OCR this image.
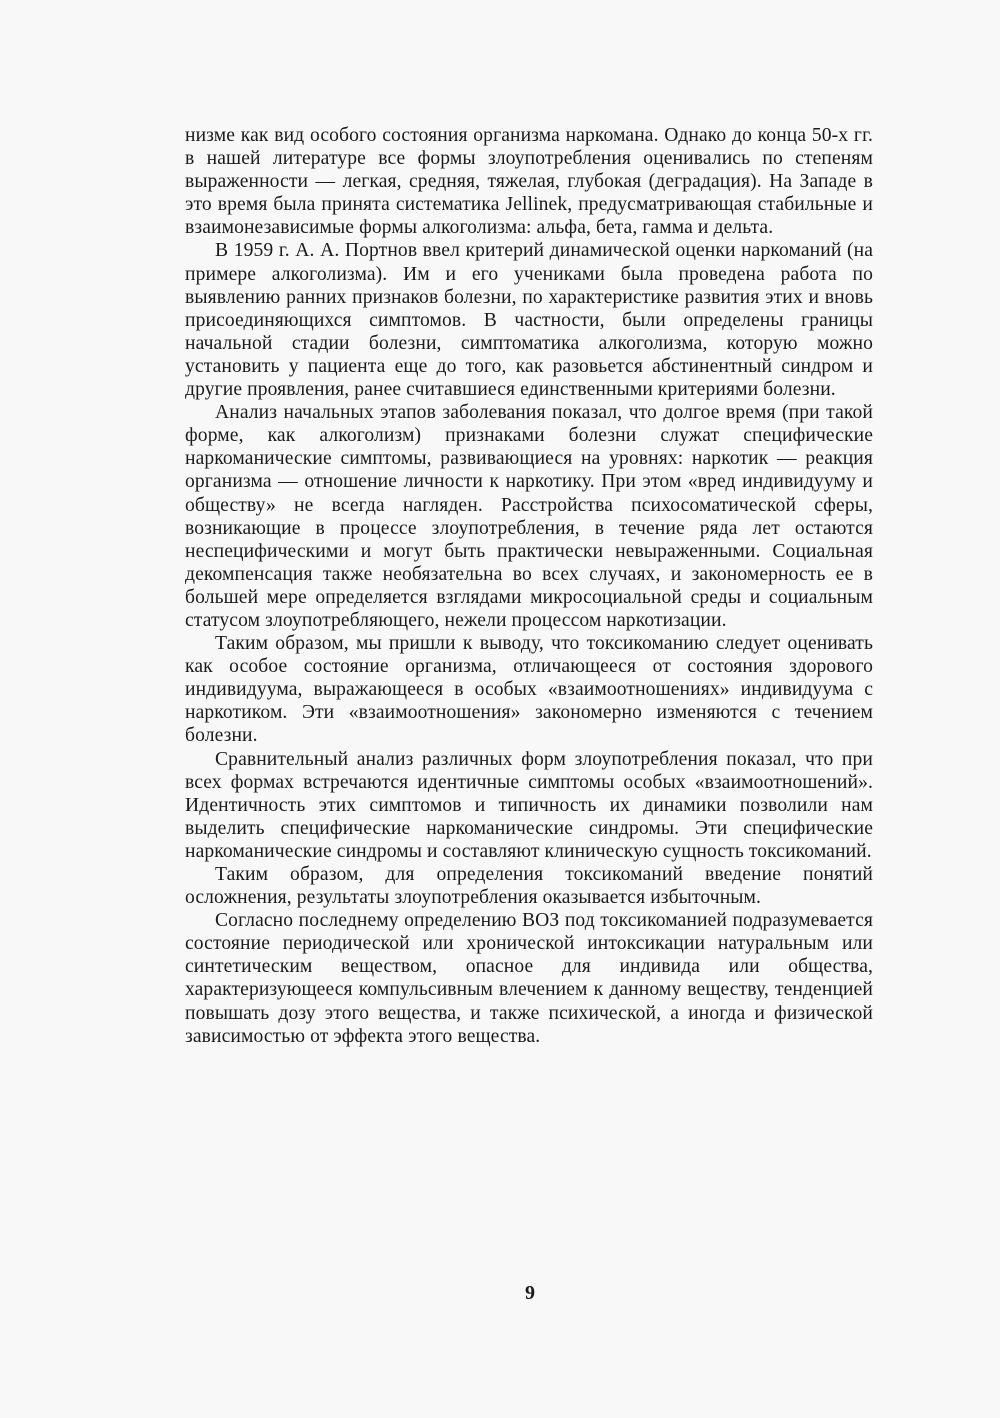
низме как вид особого состояния организма наркомана. Однако до конца 50-х гг. в нашей литературе все формы злоупотребления оценивались по степеням выраженности — легкая, средняя, тяжелая, глубокая (деградация). На Западе в это время была принята систематика Jellinek, предусматривающая стабильные и взаимонезависимые формы алкоголизма: альфа, бета, гамма и дельта.

В 1959 г. А. А. Портнов ввел критерий динамической оценки наркоманий (на примере алкоголизма). Им и его учениками была проведена работа по выявлению ранних признаков болезни, по характеристике развития этих и вновь присоединяющихся симптомов. В частности, были определены границы начальной стадии болезни, симптоматика алкоголизма, которую можно установить у пациента еще до того, как разовьется абстинентный синдром и другие проявления, ранее считавшиеся единственными критериями болезни.

Анализ начальных этапов заболевания показал, что долгое время (при такой форме, как алкоголизм) признаками болезни служат специфические наркоманические симптомы, развивающиеся на уровнях: наркотик — реакция организма — отношение личности к наркотику. При этом «вред индивидууму и обществу» не всегда нагляден. Расстройства психосоматической сферы, возникающие в процессе злоупотребления, в течение ряда лет остаются неспецифическими и могут быть практически невыраженными. Социальная декомпенсация также необязательна во всех случаях, и закономерность ее в большей мере определяется взглядами микросоциальной среды и социальным статусом злоупотребляющего, нежели процессом наркотизации.

Таким образом, мы пришли к выводу, что токсикоманию следует оценивать как особое состояние организма, отличающееся от состояния здорового индивидуума, выражающееся в особых «взаимоотношениях» индивидуума с наркотиком. Эти «взаимоотношения» закономерно изменяются с течением болезни.

Сравнительный анализ различных форм злоупотребления показал, что при всех формах встречаются идентичные симптомы особых «взаимоотношений». Идентичность этих симптомов и типичность их динамики позволили нам выделить специфические наркоманические синдромы. Эти специфические наркоманические синдромы и составляют клиническую сущность токсикоманий.

Таким образом, для определения токсикоманий введение понятий осложнения, результаты злоупотребления оказывается избыточным.

Согласно последнему определению ВОЗ под токсикоманией подразумевается состояние периодической или хронической интоксикации натуральным или синтетическим веществом, опасное для индивида или общества, характеризующееся компульсивным влечением к данному веществу, тенденцией повышать дозу этого вещества, и также психической, а иногда и физической зависимостью от эффекта этого вещества.

9
